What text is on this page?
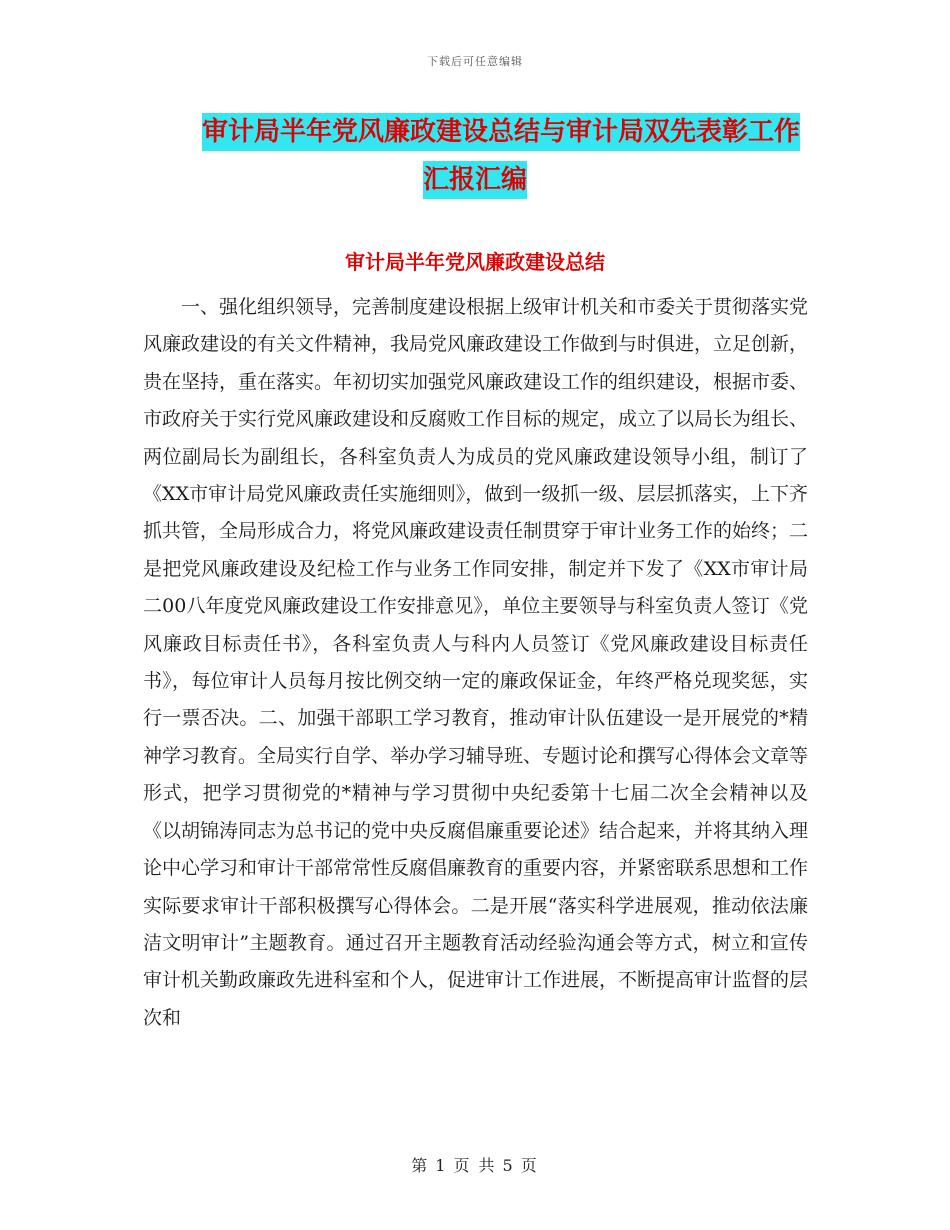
下载后可任意编辑
审计局半年党风廉政建设总结与审计局双先表彰工作
汇报汇编
审计局半年党风廉政建设总结

一、强化组织领导，完善制度建设根据上级审计机关和市委关于贯彻落实党风廉政建设的有关文件精神，我局党风廉政建设工作做到与时俱进，立足创新，贵在坚持，重在落实。年初切实加强党风廉政建设工作的组织建设，根据市委、市政府关于实行党风廉政建设和反腐败工作目标的规定，成立了以局长为组长、两位副局长为副组长，各科室负责人为成员的党风廉政建设领导小组，制订了《XX市审计局党风廉政责任实施细则》，做到一级抓一级、层层抓落实，上下齐抓共管，全局形成合力，将党风廉政建设责任制贯穿于审计业务工作的始终；二是把党风廉政建设及纪检工作与业务工作同安排，制定并下发了《XX市审计局二00八年度党风廉政建设工作安排意见》，单位主要领导与科室负责人签订《党风廉政目标责任书》，各科室负责人与科内人员签订《党风廉政建设目标责任书》，每位审计人员每月按比例交纳一定的廉政保证金，年终严格兑现奖惩，实行一票否决。二、加强干部职工学习教育，推动审计队伍建设一是开展党的*精神学习教育。全局实行自学、举办学习辅导班、专题讨论和撰写心得体会文章等形式，把学习贯彻党的*精神与学习贯彻中央纪委第十七届二次全会精神以及《以胡锦涛同志为总书记的党中央反腐倡廉重要论述》结合起来，并将其纳入理论中心学习和审计干部常常性反腐倡廉教育的重要内容，并紧密联系思想和工作实际要求审计干部积极撰写心得体会。二是开展“落实科学进展观，推动依法廉洁文明审计”主题教育。通过召开主题教育活动经验沟通会等方式，树立和宣传审计机关勤政廉政先进科室和个人，促进审计工作进展，不断提高审计监督的层次和

第 1 页 共 5 页
